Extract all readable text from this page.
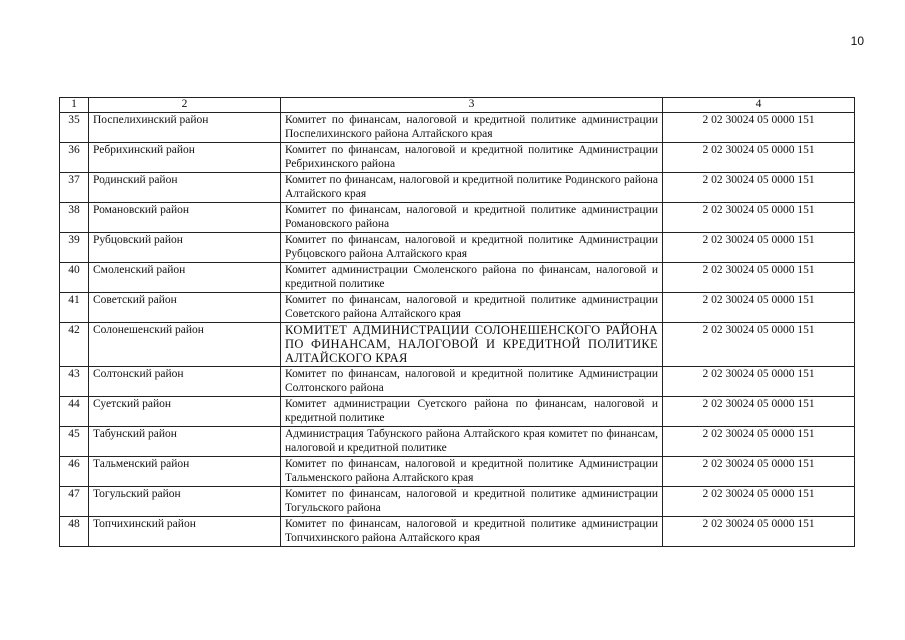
10
1	2	3	4
35	Поспелихинский район	Комитет по финансам, налоговой и кредитной политике администрации Поспелихинского района Алтайского края	2 02 30024 05 0000 151
36	Ребрихинский район	Комитет по финансам, налоговой и кредитной политике Администрации Ребрихинского района	2 02 30024 05 0000 151
37	Родинский район	Комитет по финансам, налоговой и кредитной политике Родинского района Алтайского края	2 02 30024 05 0000 151
38	Романовский район	Комитет по финансам, налоговой и кредитной политике администрации Романовского района	2 02 30024 05 0000 151
39	Рубцовский район	Комитет по финансам, налоговой и кредитной политике Администрации Рубцовского района Алтайского края	2 02 30024 05 0000 151
40	Смоленский район	Комитет администрации Смоленского района по финансам, налоговой и кредитной политике	2 02 30024 05 0000 151
41	Советский район	Комитет по финансам, налоговой и кредитной политике администрации Советского района Алтайского края	2 02 30024 05 0000 151
42	Солонешенский район	КОМИТЕТ АДМИНИСТРАЦИИ СОЛОНЕШЕНСКОГО РАЙОНА ПО ФИНАНСАМ, НАЛОГОВОЙ И КРЕДИТНОЙ ПОЛИТИКЕ АЛТАЙСКОГО КРАЯ	2 02 30024 05 0000 151
43	Солтонский район	Комитет по финансам, налоговой и кредитной политике Администрации Солтонского района	2 02 30024 05 0000 151
44	Суетский район	Комитет администрации Суетского района по финансам, налоговой и кредитной политике	2 02 30024 05 0000 151
45	Табунский район	Администрация Табунского района Алтайского края комитет по финансам, налоговой и кредитной политике	2 02 30024 05 0000 151
46	Тальменский район	Комитет по финансам, налоговой и кредитной политике Администрации Тальменского района Алтайского края	2 02 30024 05 0000 151
47	Тогульский район	Комитет по финансам, налоговой и кредитной политике администрации Тогульского района	2 02 30024 05 0000 151
48	Топчихинский район	Комитет по финансам, налоговой и кредитной политике администрации Топчихинского района Алтайского края	2 02 30024 05 0000 151
